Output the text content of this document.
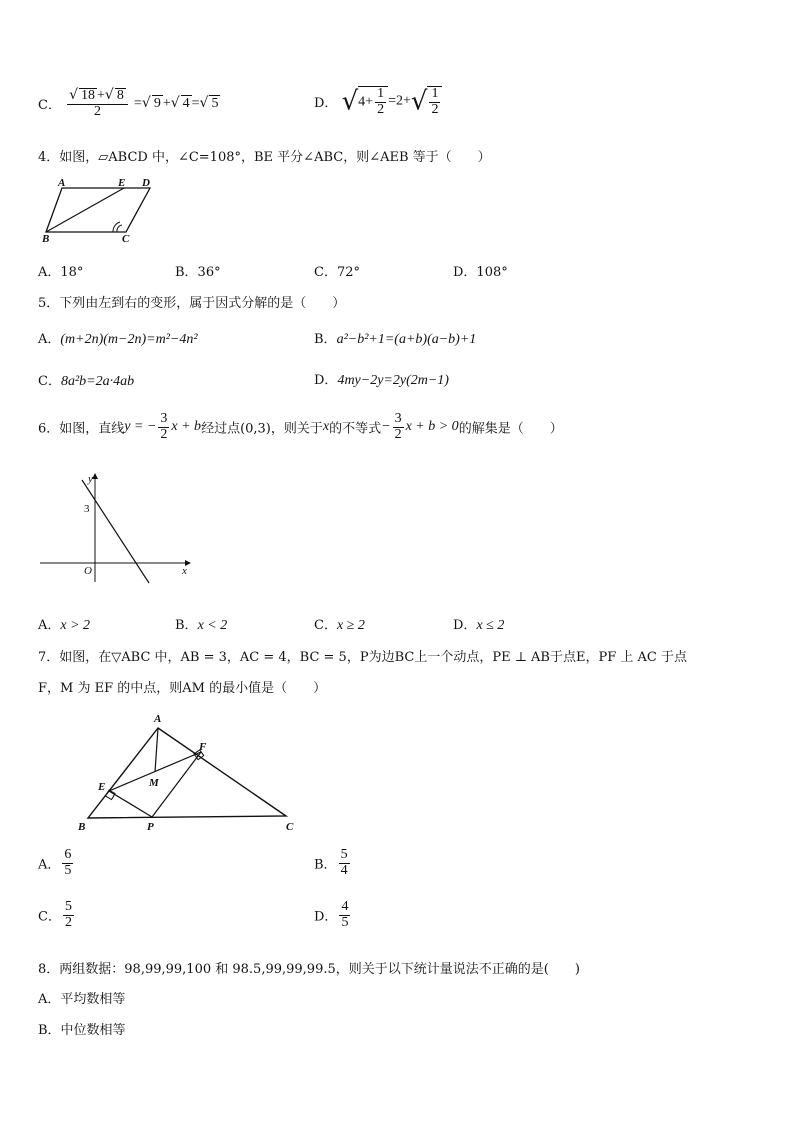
C． $\frac{√ 18 +√ 8}{2}$ =√ 9 +√ 4 =√ 5	D． $√4+ \frac{1}{2} =2+√ \frac{1}{2}$
4．如图，▱ABCD 中，∠C=108°，BE 平分∠ABC，则∠AEB 等于（　　）
A	E D
B	C
A．18°	B．36°	C．72°	D．108°
5．下列由左到右的变形，属于因式分解的是（　　）
A．(m+2n)(m−2n)=m²−4n²	B．a²−b²+1=(a+b)(a−b)+1
C．8a²b=2a·4ab	D．4my−2y=2y(2m−1)
6．如图，直线y = − $\frac{3}{2}$ x + b经过点(0,3)，则关于x的不等式− $\frac{3}{2}$ x + b > 0的解集是（　　）
y
3
O	x
A．x > 2	B．x < 2	C．x ≥ 2	D．x ≤ 2
7．如图，在▽ABC 中，AB = 3，AC = 4，BC = 5，P为边BC上一个动点，PE ⊥ AB于点E，PF 上 AC 于点
F，M 为 EF 的中点，则AM 的最小值是（　　）
A
F
E	M
B	P	C
A． $\frac{6}{5}$	B． $\frac{5}{4}$
C． $\frac{5}{2}$	D． $\frac{4}{5}$
8．两组数据：98,99,99,100 和 98.5,99,99,99.5，则关于以下统计量说法不正确的是(　　)
A．平均数相等
B．中位数相等
